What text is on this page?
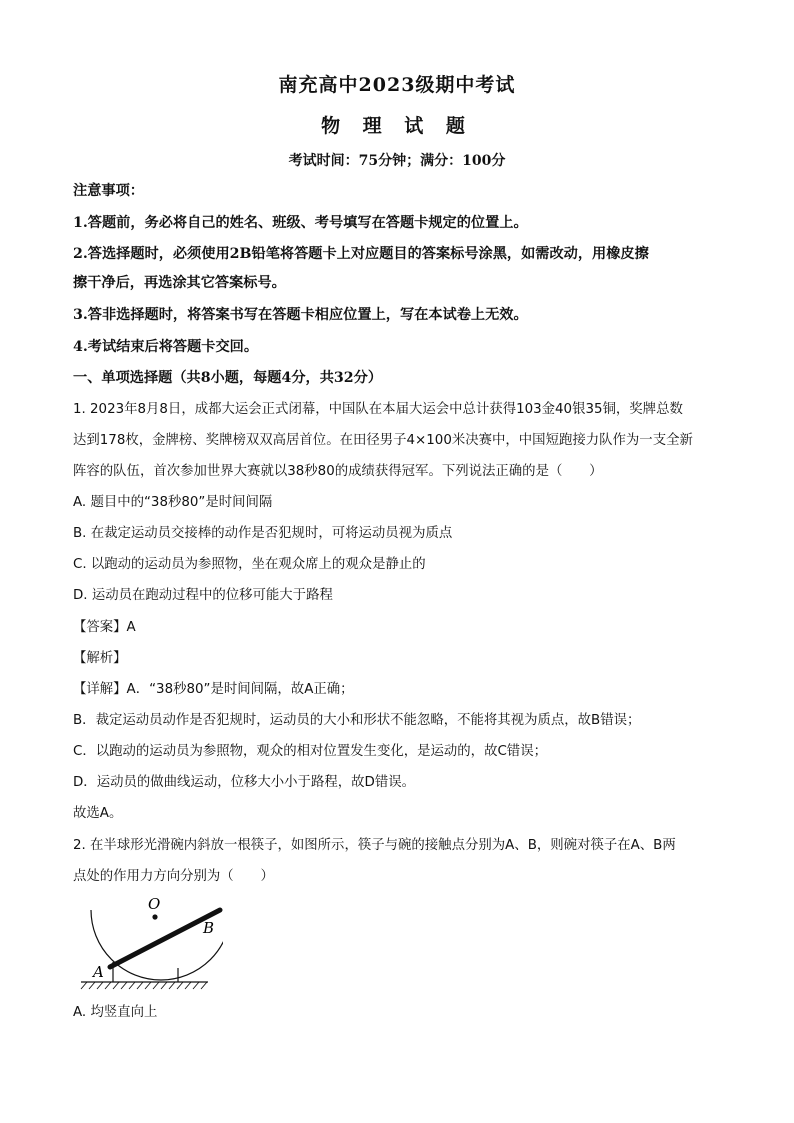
南充高中2023级期中考试
物 理 试 题
考试时间：75分钟；满分：100分
注意事项：
1.答题前，务必将自己的姓名、班级、考号填写在答题卡规定的位置上。
2.答选择题时，必须使用2B铅笔将答题卡上对应题目的答案标号涂黑，如需改动，用橡皮擦
擦干净后，再选涂其它答案标号。
3.答非选择题时，将答案书写在答题卡相应位置上，写在本试卷上无效。
4.考试结束后将答题卡交回。
一、单项选择题（共8小题，每题4分，共32分）
1. 2023年8月8日，成都大运会正式闭幕，中国队在本届大运会中总计获得103金40银35铜，奖牌总数
达到178枚，金牌榜、奖牌榜双双高居首位。在田径男子4×100米决赛中，中国短跑接力队作为一支全新
阵容的队伍，首次参加世界大赛就以38秒80的成绩获得冠军。下列说法正确的是（　　）
A. 题目中的“38秒80”是时间间隔
B. 在裁定运动员交接棒的动作是否犯规时，可将运动员视为质点
C. 以跑动的运动员为参照物，坐在观众席上的观众是静止的
D. 运动员在跑动过程中的位移可能大于路程
【答案】A
【解析】
【详解】A．“38秒80”是时间间隔，故A正确；
B．裁定运动员动作是否犯规时，运动员的大小和形状不能忽略，不能将其视为质点，故B错误；
C．以跑动的运动员为参照物，观众的相对位置发生变化，是运动的，故C错误；
D．运动员的做曲线运动，位移大小小于路程，故D错误。
故选A。
2. 在半球形光滑碗内斜放一根筷子，如图所示，筷子与碗的接触点分别为A、B，则碗对筷子在A、B两
点处的作用力方向分别为（　　）
O
B
A
A. 均竖直向上
